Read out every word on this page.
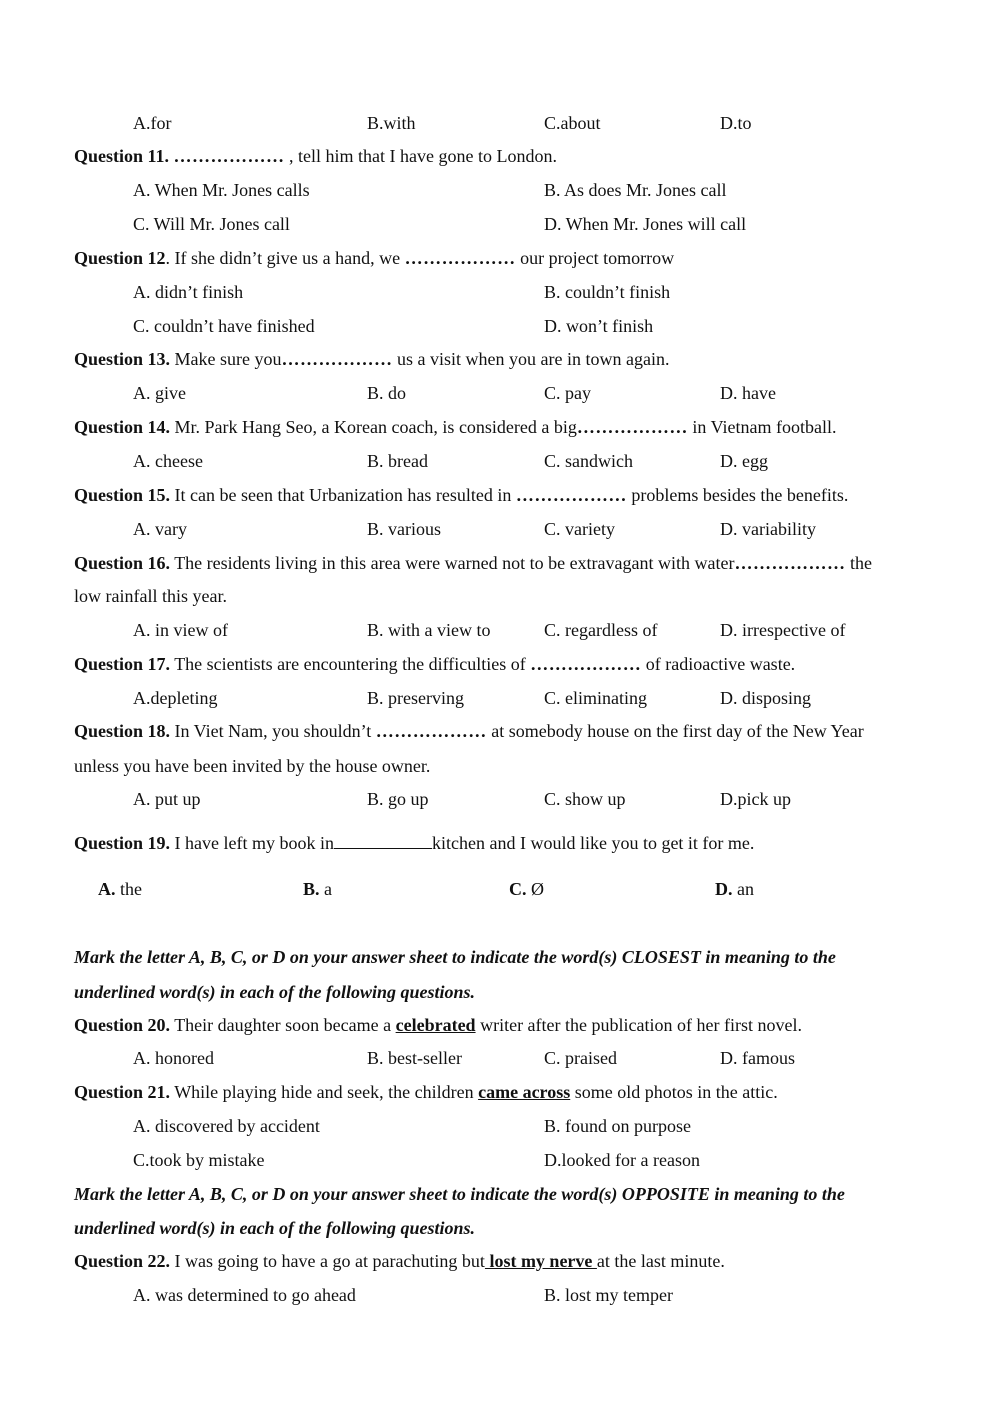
A.for	B.with	C.about	D.to
Question 11. ……………… , tell him that I have gone to London.
A. When Mr. Jones calls	B. As does Mr. Jones call
C. Will Mr. Jones call	D. When Mr. Jones will call
Question 12. If she didn’t give us a hand, we ……………… our project tomorrow
A. didn’t finish	B. couldn’t finish
C. couldn’t have finished	D. won’t finish
Question 13. Make sure you……………… us a visit when you are in town again.
A. give	B. do	C. pay	D. have
Question 14. Mr. Park Hang Seo, a Korean coach, is considered a big……………… in Vietnam football.
A. cheese	B. bread	C. sandwich	D. egg
Question 15. It can be seen that Urbanization has resulted in ……………… problems besides the benefits.
A. vary	B. various	C. variety	D. variability
Question 16. The residents living in this area were warned not to be extravagant with water……………… the
low rainfall this year.
A. in view of	B. with a view to	C. regardless of	D. irrespective of
Question 17. The scientists are encountering the difficulties of ……………… of radioactive waste.
A.depleting	B. preserving	C. eliminating	D. disposing
Question 18. In Viet Nam, you shouldn’t ……………… at somebody house on the first day of the New Year
unless you have been invited by the house owner.
A. put up	B. go up	C. show up	D.pick up
Question 19. I have left my book in	kitchen and I would like you to get it for me.
A. the	B. a	C. Ø	D. an
Mark the letter A, B, C, or D on your answer sheet to indicate the word(s) CLOSEST in meaning to the
underlined word(s) in each of the following questions.
Question 20. Their daughter soon became a celebrated writer after the publication of her first novel.
A. honored	B. best-seller	C. praised	D. famous
Question 21. While playing hide and seek, the children came across some old photos in the attic.
A. discovered by accident	B. found on purpose
C.took by mistake	D.looked for a reason
Mark the letter A, B, C, or D on your answer sheet to indicate the word(s) OPPOSITE in meaning to the
underlined word(s) in each of the following questions.
Question 22. I was going to have a go at parachuting but lost my nerve at the last minute.
A. was determined to go ahead	B. lost my temper
